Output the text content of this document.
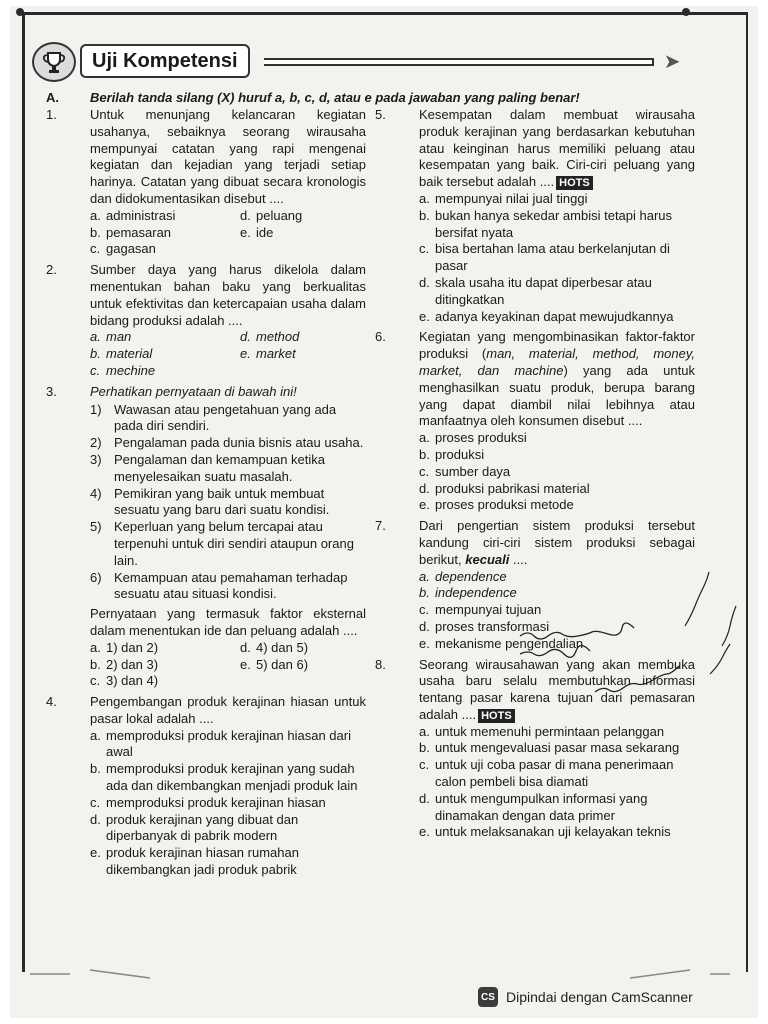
Uji Kompetensi	➤
A. Berilah tanda silang (X) huruf a, b, c, d, atau e pada jawaban yang paling benar!
1.	Untuk menunjang kelancaran kegiatan usahanya, sebaiknya seorang wirausaha mempunyai catatan yang rapi mengenai kegiatan dan kejadian yang terjadi setiap harinya. Catatan yang dibuat secara kronologis dan didokumentasikan disebut ....
a. administrasi	d. peluang
b. pemasaran	e. ide
c. gagasan
2.	Sumber daya yang harus dikelola dalam menentukan bahan baku yang berkualitas untuk efektivitas dan ketercapaian usaha dalam bidang produksi adalah ....
a. man	d. method
b. material	e. market
c. mechine
3.	Perhatikan pernyataan di bawah ini!
1) Wawasan atau pengetahuan yang ada pada diri sendiri.
2) Pengalaman pada dunia bisnis atau usaha.
3) Pengalaman dan kemampuan ketika menyelesaikan suatu masalah.
4) Pemikiran yang baik untuk membuat sesuatu yang baru dari suatu kondisi.
5) Keperluan yang belum tercapai atau terpenuhi untuk diri sendiri ataupun orang lain.
6) Kemampuan atau pemahaman terhadap sesuatu atau situasi kondisi.
Pernyataan yang termasuk faktor eksternal dalam menentukan ide dan peluang adalah ....
a. 1) dan 2)	d. 4) dan 5)
b. 2) dan 3)	e. 5) dan 6)
c. 3) dan 4)
4.	Pengembangan produk kerajinan hiasan untuk pasar lokal adalah ....
a. memproduksi produk kerajinan hiasan dari awal
b. memproduksi produk kerajinan yang sudah ada dan dikembangkan menjadi produk lain
c. memproduksi produk kerajinan hiasan
d. produk kerajinan yang dibuat dan diperbanyak di pabrik modern
e. produk kerajinan hiasan rumahan dikembangkan jadi produk pabrik
5.	Kesempatan dalam membuat wirausaha produk kerajinan yang berdasarkan kebutuhan atau keinginan harus memiliki peluang atau kesempatan yang baik. Ciri-ciri peluang yang baik tersebut adalah .... HOTS
a. mempunyai nilai jual tinggi
b. bukan hanya sekedar ambisi tetapi harus bersifat nyata
c. bisa bertahan lama atau berkelanjutan di pasar
d. skala usaha itu dapat diperbesar atau ditingkatkan
e. adanya keyakinan dapat mewujudkannya
6.	Kegiatan yang mengombinasikan faktor-faktor produksi (man, material, method, money, market, dan machine) yang ada untuk menghasilkan suatu produk, berupa barang yang dapat diambil nilai lebihnya atau manfaatnya oleh konsumen disebut ....
a. proses produksi
b. produksi
c. sumber daya
d. produksi pabrikasi material
e. proses produksi metode
7.	Dari pengertian sistem produksi tersebut kandung ciri-ciri sistem produksi sebagai berikut, kecuali ....
a. dependence
b. independence
c. mempunyai tujuan
d. proses transformasi
e. mekanisme pengendalian
8.	Seorang wirausahawan yang akan membuka usaha baru selalu membutuhkan informasi tentang pasar karena tujuan dari pemasaran adalah .... HOTS
a. untuk memenuhi permintaan pelanggan
b. untuk mengevaluasi pasar masa sekarang
c. untuk uji coba pasar di mana penerimaan calon pembeli bisa diamati
d. untuk mengumpulkan informasi yang dinamakan dengan data primer
e. untuk melaksanakan uji kelayakan teknis
CS Dipindai dengan CamScanner
